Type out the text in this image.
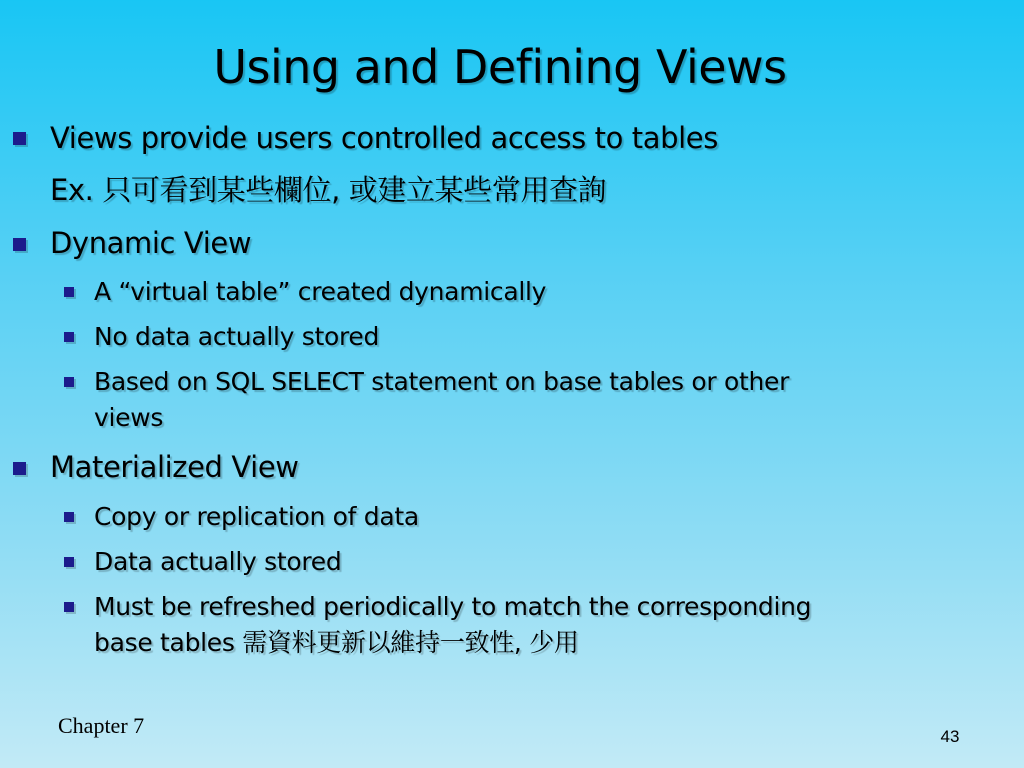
Using and Defining Views
Views provide users controlled access to tables
Ex. 只可看到某些欄位, 或建立某些常用查詢
Dynamic View
A “virtual table” created dynamically
No data actually stored
Based on SQL SELECT statement on base tables or other
views
Materialized View
Copy or replication of data
Data actually stored
Must be refreshed periodically to match the corresponding
base tables 需資料更新以維持一致性, 少用
Chapter 7	43
